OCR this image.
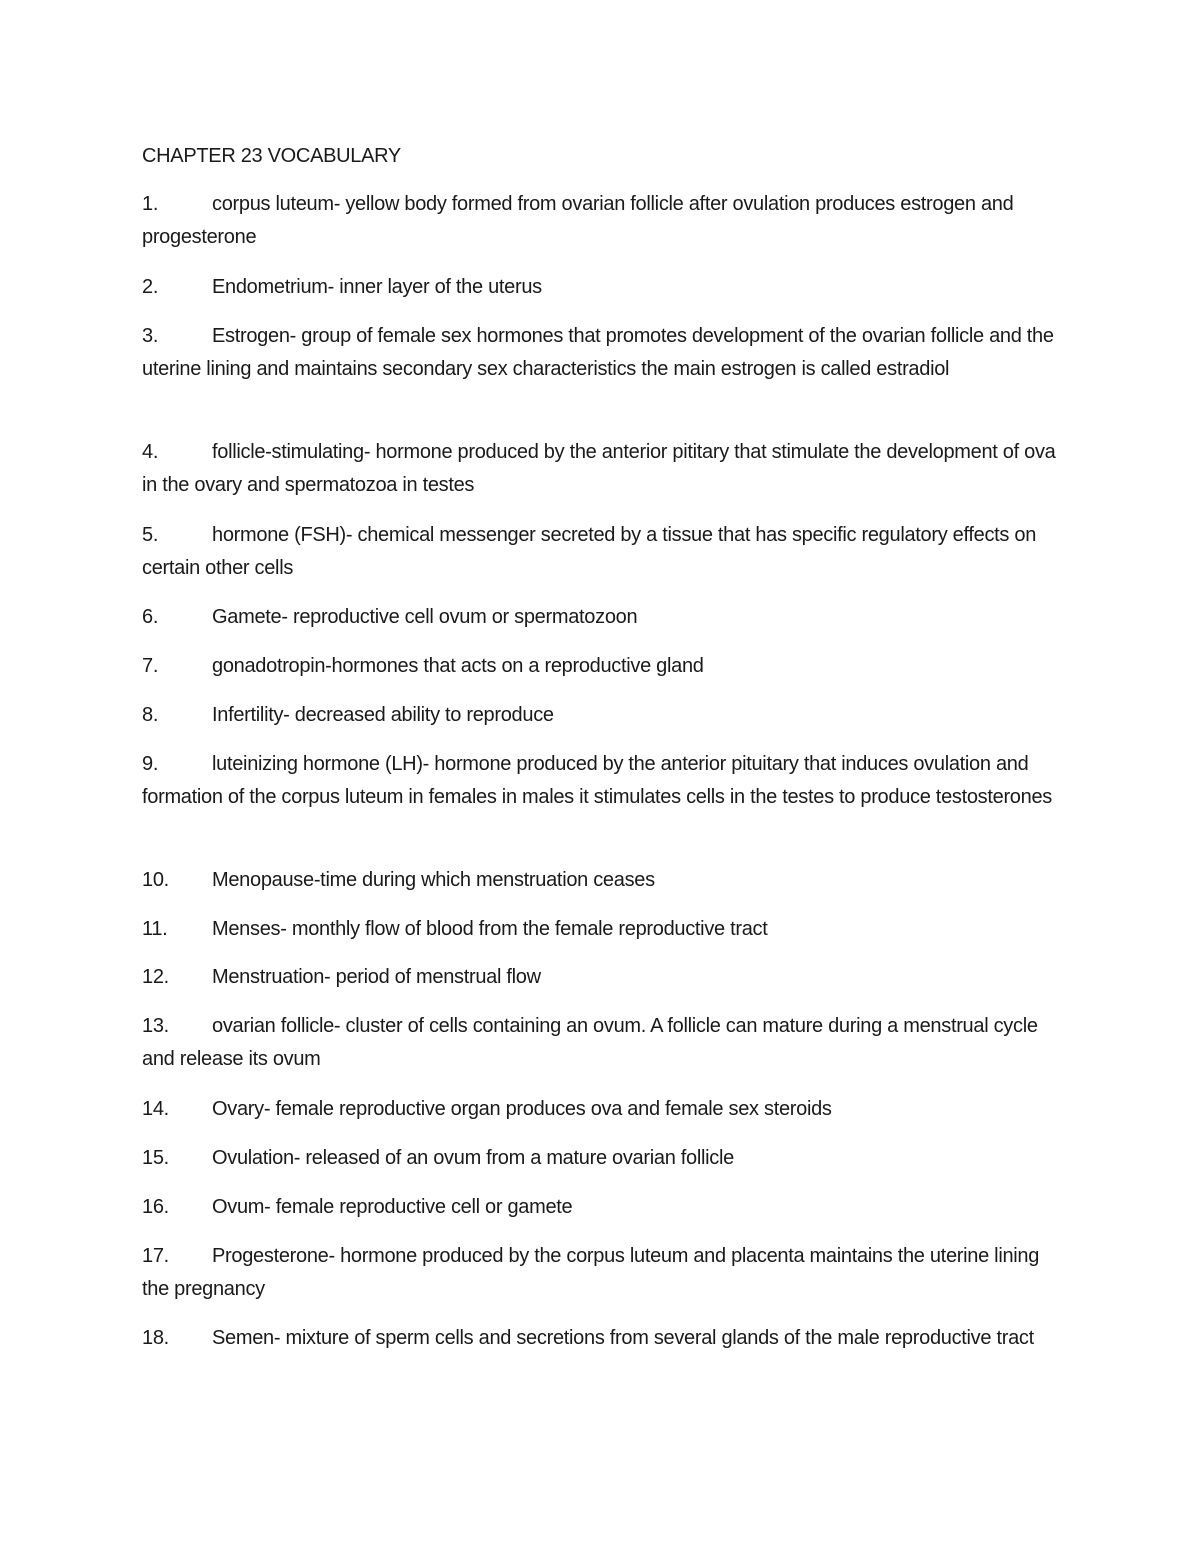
CHAPTER 23 VOCABULARY
1.	corpus luteum- yellow body formed from ovarian follicle after ovulation produces estrogen and progesterone
2.	Endometrium- inner layer of the uterus
3.	Estrogen- group of female sex hormones that promotes development of the ovarian follicle and the uterine lining and maintains secondary sex characteristics the main estrogen is called estradiol
4.	follicle-stimulating- hormone produced by the anterior pititary that stimulate the development of ova in the ovary and spermatozoa in testes
5.	hormone (FSH)- chemical messenger secreted by a tissue that has specific regulatory effects on certain other cells
6.	Gamete- reproductive cell ovum or spermatozoon
7.	gonadotropin-hormones that acts on a reproductive gland
8.	Infertility- decreased ability to reproduce
9.	luteinizing hormone (LH)- hormone produced by the anterior pituitary that induces ovulation and formation of the corpus luteum in females in males it stimulates cells in the testes to produce testosterones
10. Menopause-time during which menstruation ceases
11. Menses- monthly flow of blood from the female reproductive tract
12. Menstruation- period of menstrual flow
13. ovarian follicle- cluster of cells containing an ovum. A follicle can mature during a menstrual cycle and release its ovum
14. Ovary- female reproductive organ produces ova and female sex steroids
15. Ovulation- released of an ovum from a mature ovarian follicle
16. Ovum- female reproductive cell or gamete
17. Progesterone- hormone produced by the corpus luteum and placenta maintains the uterine lining the pregnancy
18. Semen- mixture of sperm cells and secretions from several glands of the male reproductive tract
